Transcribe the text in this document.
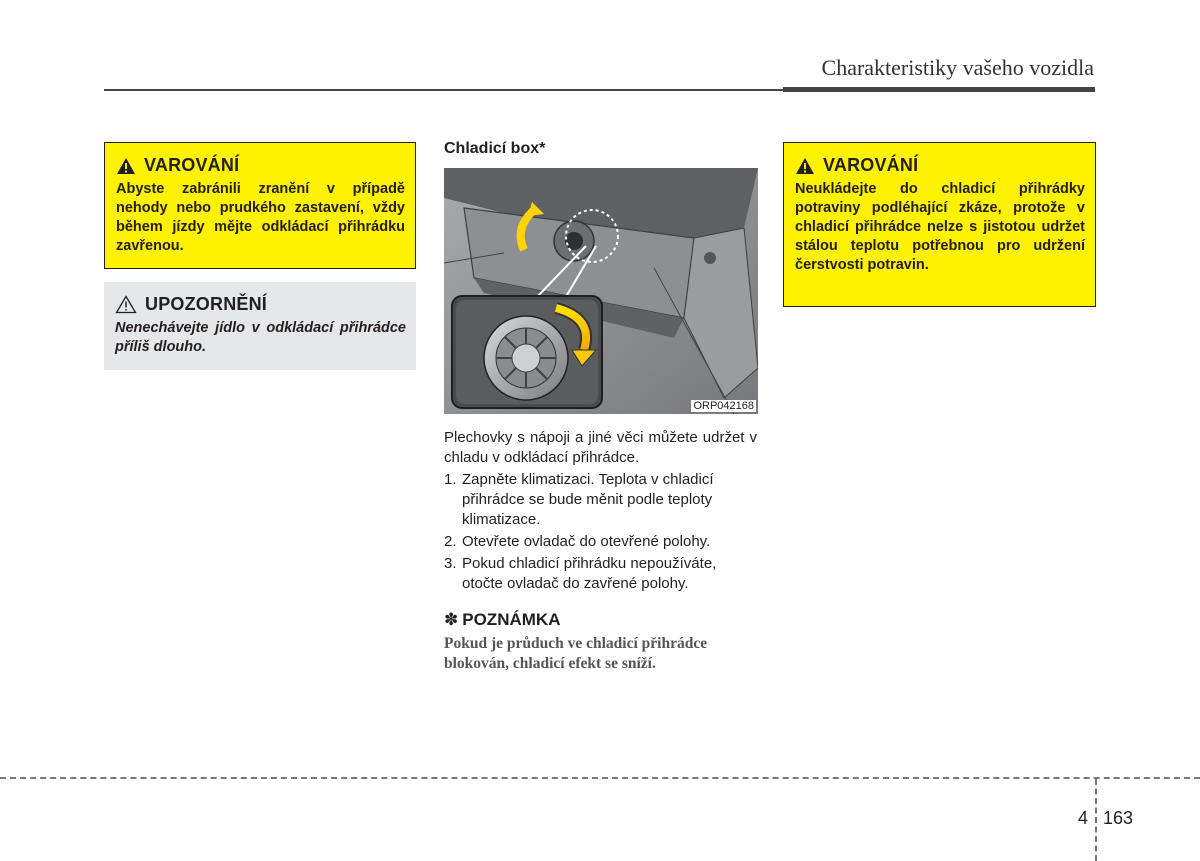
Charakteristiky vašeho vozidla
VAROVÁNÍ
Abyste zabránili zranění v případě nehody nebo prudkého zastavení, vždy během jízdy mějte odkládací přihrádku zavřenou.
UPOZORNĚNÍ
Nenechávejte jídlo v odkládací přihrádce příliš dlouho.
Chladicí box*
ORP042168

Plechovky s nápoji a jiné věci můžete udržet v chladu v odkládací přihrádce.

1. Zapněte klimatizaci. Teplota v chladicí přihrádce se bude měnit podle teploty klimatizace.
2. Otevřete ovladač do otevřené polohy.
3. Pokud chladicí přihrádku nepoužíváte, otočte ovladač do zavřené polohy.
✽ POZNÁMKA
Pokud je průduch ve chladicí přihrádce blokován, chladicí efekt se sníží.
VAROVÁNÍ
Neukládejte do chladicí přihrádky potraviny podléhající zkáze, protože v chladicí přihrádce nelze s jistotou udržet stálou teplotu potřebnou pro udržení čerstvosti potravin.
4 163
